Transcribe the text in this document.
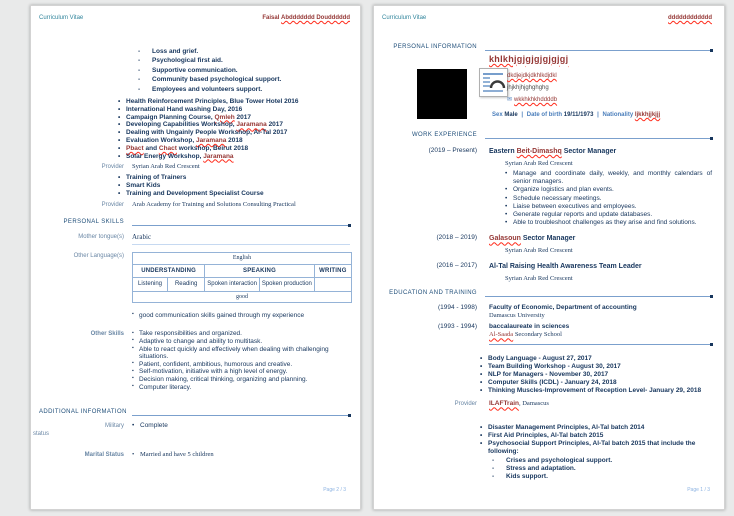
Curriculum Vitae	Faisal Abddddddd Doudddddd
- Loss and grief.
- Psychological first aid.
- Supportive communication.
- Community based psychological support.
- Employees and volunteers support.
• Health Reinforcement Principles, Blue Tower Hotel 2016
• International Hand washing Day, 2016
• Campaign Planning Course, Qmleh 2017
• Developing Capabilities Workshop, Jaramana 2017
• Dealing with Ungainly People Workshop, Al-Tal 2017
• Evaluation Workshop, Jaramana 2018
• Pbact and Chact workshop, Beirut 2018
• Solar Energy Workshop, Jaramana
Provider Syrian Arab Red Crescent
• Training of Trainers
• Smart Kids
• Training and Development Specialist Course
Provider Arab Academy for Training and Solutions Consulting Practical
PERSONAL SKILLS
Mother tongue(s) Arabic
Other Language(s)	English				
UNDERSTANDING		SPEAKING		WRITING
Listening	Reading	Spoken interaction	Spoken production	
good				
▪ good communication skills gained through my experience
Other Skills	▪ Take responsibilities and organized.
▪ Adaptive to change and ability to multitask.
▪ Able to react quickly and effectively when dealing with challenging situations.
▪ Patient, confident, ambitious, humorous and creative.
▪ Self-motivation, initiative with a high level of energy.
▪ Decision making, critical thinking, organizing and planning.
▪ Computer literacy.
ADDITIONAL INFORMATION
Military
status
• Complete
Marital Status	• Married and have 5 children
Page 2 / 3
Curriculum Vitae	dddddddddddd
PERSONAL INFORMATION
khlkhjgjgjgjgjgjgj
dkdjejdkjdkhlkdjdkl
jhjkhjhjghghghg
✉ wkkhkhkhddddb
Sex Male | Date of birth 19/11/1973 | Nationality ljkkhjjkjjj
WORK EXPERIENCE
(2019 – Present) Eastern Beit-Dimashq Sector Manager
Syrian Arab Red Crescent
• Manage and coordinate daily, weekly, and monthly calendars of senior managers.
• Organize logistics and plan events.
• Schedule necessary meetings.
• Liaise between executives and employees.
• Generate regular reports and update databases.
• Able to troubleshoot challenges as they arise and find solutions.
(2018 – 2019) Galasoun Sector Manager
Syrian Arab Red Crescent
(2016 – 2017) Al-Tal Raising Health Awareness Team Leader
Syrian Arab Red Crescent
EDUCATION AND TRAINING
(1994 - 1998) Faculty of Economic, Department of accounting
Damascus University
(1993 - 1994) baccalaureate in sciences
Al-Saada Secondary School
• Body Language - August 27, 2017
• Team Building Workshop - August 30, 2017
• NLP for Managers - November 30, 2017
• Computer Skills (ICDL) - January 24, 2018
• Thinking Muscles-Improvement of Reception Level- January 29, 2018
Provider ILAFTrain, Damascus
• Disaster Management Principles, Al-Tal batch 2014
• First Aid Principles, Al-Tal batch 2015
• Psychosocial Support Principles, Al-Tal batch 2015 that include the following:
- Crises and psychological support.
- Stress and adaptation.
- Kids support.
Page 1 / 3
